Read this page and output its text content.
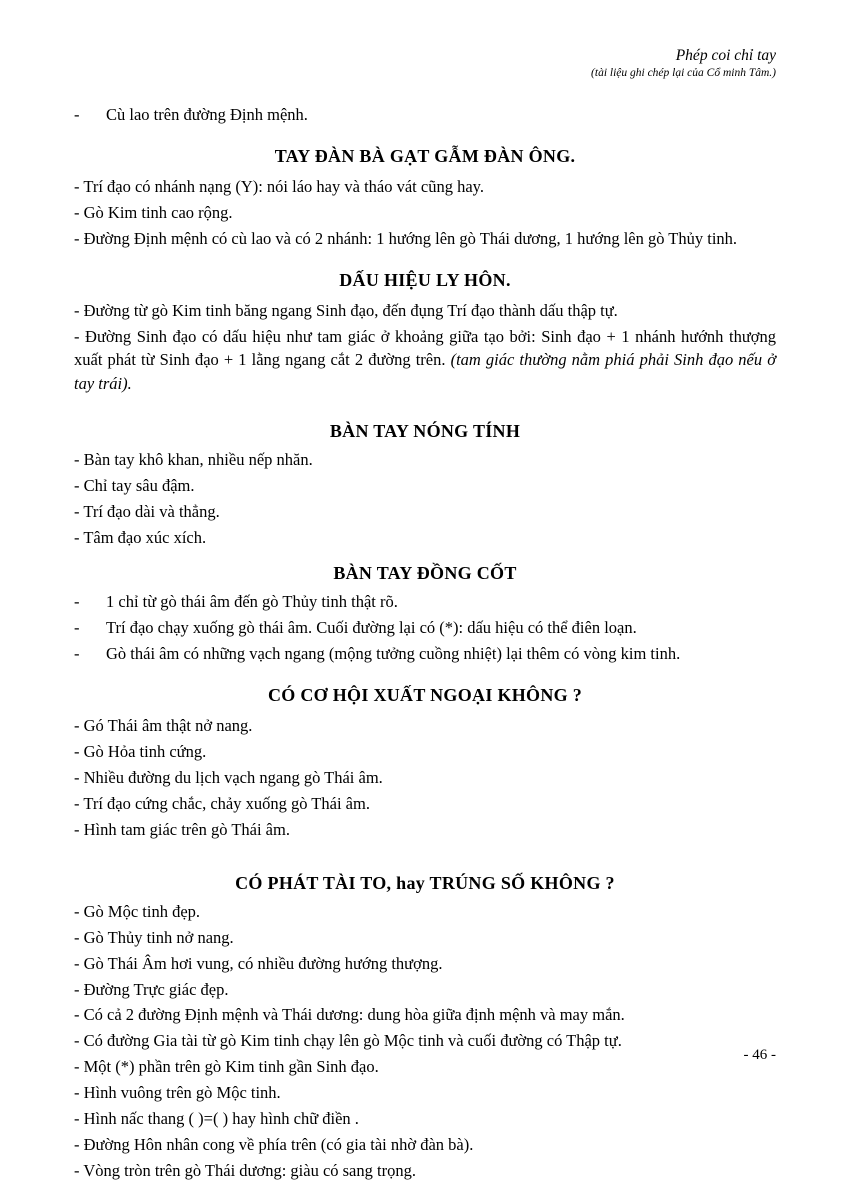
Phép coi chỉ tay
(tài liệu ghi chép lại của Cổ minh Tâm.)
- Cù lao trên đường Định mệnh.
TAY ĐÀN BÀ GẠT GẪM ĐÀN ÔNG.
- Trí đạo có nhánh nạng (Y): nói láo hay và tháo vát cũng hay.
- Gò Kim tinh cao rộng.
- Đường Định mệnh có cù lao và có 2 nhánh: 1 hướng lên gò Thái dương, 1 hướng lên gò Thủy tinh.
DẤU HIỆU LY HÔN.
- Đường từ gò Kim tinh băng ngang Sinh đạo, đến đụng Trí đạo thành dấu thập tự.
- Đường Sinh đạo có dấu hiệu như tam giác ở khoảng giữa tạo bởi: Sinh đạo + 1 nhánh hướnh thượng xuất phát từ Sinh đạo + 1 lằng ngang cắt 2 đường trên. (tam giác thường nằm phiá phải Sinh đạo nếu ở tay trái).
BÀN TAY NÓNG TÍNH
- Bàn tay khô khan, nhiều nếp nhăn.
- Chỉ tay sâu đậm.
- Trí đạo dài và thẳng.
- Tâm đạo xúc xích.
BÀN TAY ĐỒNG CỐT
- 1 chỉ từ gò thái âm đến gò Thủy tinh thật rõ.
- Trí đạo chạy xuống gò thái âm. Cuối đường lại có (*): dấu hiệu có thể điên loạn.
- Gò thái âm có những vạch ngang (mộng tưởng cuồng nhiệt) lại thêm có vòng kim tinh.
CÓ CƠ HỘI XUẤT NGOẠI KHÔNG ?
- Gó Thái âm thật nở nang.
- Gò Hỏa tinh cứng.
- Nhiều đường du lịch vạch ngang gò Thái âm.
- Trí đạo cứng chắc, chảy xuống gò Thái âm.
- Hình tam giác trên gò Thái âm.
CÓ PHÁT TÀI TO, hay TRÚNG SỐ KHÔNG ?
- Gò Mộc tinh đẹp.
- Gò Thủy tinh nở nang.
- Gò Thái Âm hơi vung, có nhiều đường hướng thượng.
- Đường Trực giác đẹp.
- Có cả 2 đường Định mệnh và Thái dương: dung hòa giữa định mệnh và may mắn.
- Có đường Gia tài từ gò Kim tinh chạy lên gò Mộc tinh và cuối đường có Thập tự.
- Một (*) phần trên gò Kim tinh gần Sinh đạo.
- Hình vuông trên gò Mộc tinh.
- Hình nấc thang ( )=( ) hay hình chữ điền .
- Đường Hôn nhân cong về phía trên (có gia tài nhờ đàn bà).
- Vòng tròn trên gò Thái dương: giàu có sang trọng.
- 46 -
